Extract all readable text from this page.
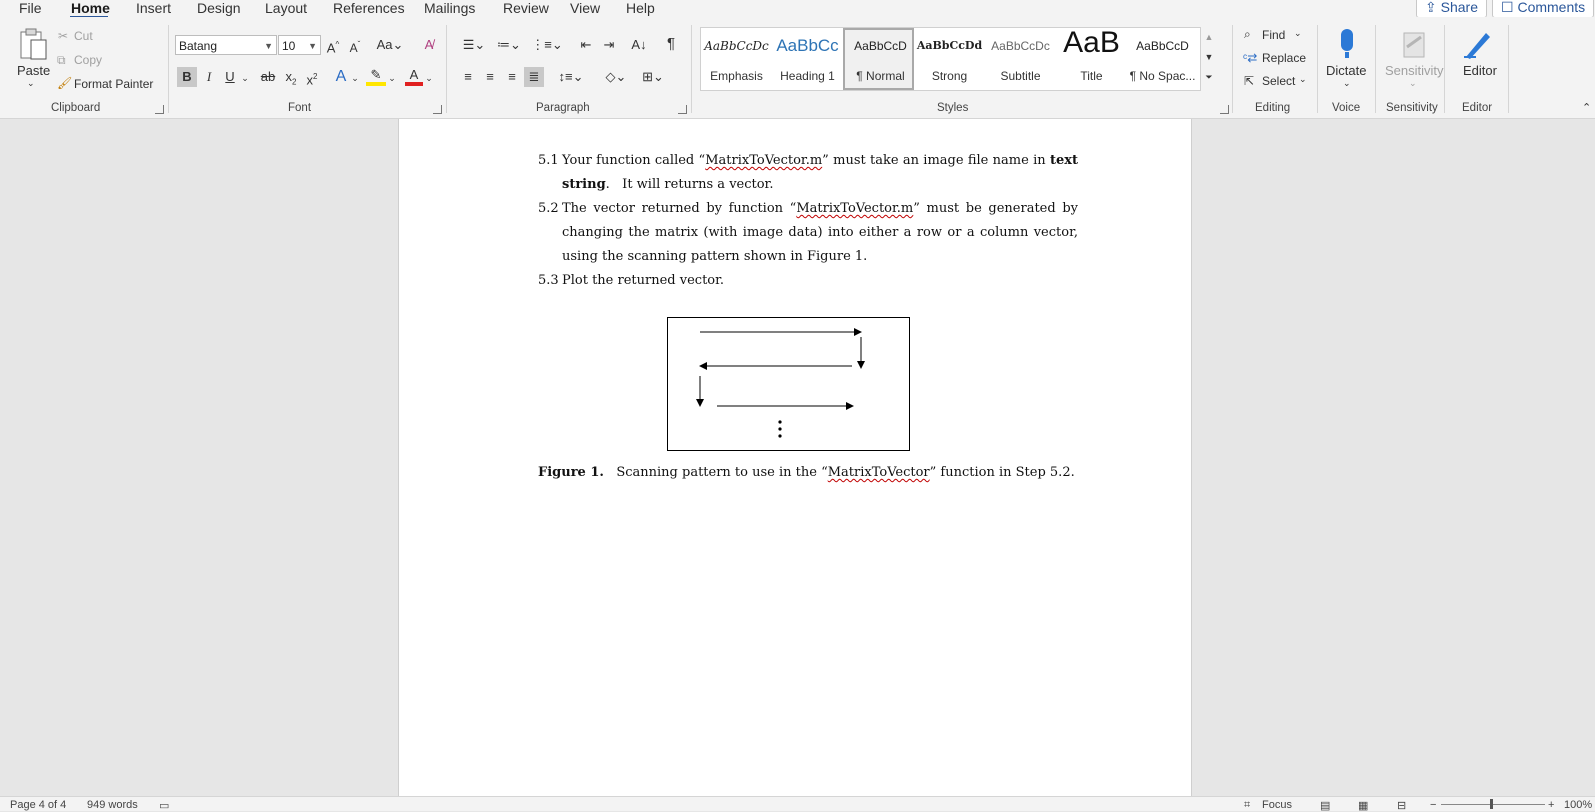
File Home Insert Design Layout References Mailings Review View Help	⇪ Share	☐ Comments
Paste
⌄
✂ Cut
⧉ Copy
🖌 Format Painter
Clipboard
Batang	▼ 10 ▼ A^ $A^ˇ$ Aa⌄	A̸
B	I	U ⌄ ab $x_2$ $x^2$ A ⌄ ✎ ⌄	A ⌄
Font
☰⌄ ≔⌄ ⋮≡⌄	⇤ ⇥	A↓	¶
≡	≡	≡ ≣	↕≡⌄ ◇⌄	⊞⌄
Paragraph
AaBbCcDc
Emphasis
AaBbCc
Heading 1
AaBbCcD
¶ Normal
AaBbCcDd
Strong
AaBbCcDc
Subtitle
AaB
Title
AaBbCcD
¶ No Spac...
▲
▼
⏷
Styles
⌕ Find ⌄
ᶜ⇄ Replace
⇱ Select ⌄
Editing
Dictate
⌄
Voice
Sensitivity
⌄
Sensitivity
Editor
Editor	⌃
5.1 Your function called “MatrixToVector.m” must take an image file name in text string.   It will returns a vector.
5.2 The vector returned by function “MatrixToVector.m” must be generated by changing the matrix (with image data) into either a row or a column vector, using the scanning pattern shown in Figure 1.
5.3 Plot the returned vector.
Figure 1.   Scanning pattern to use in the “MatrixToVector” function in Step 5.2.
Page 4 of 4 949 words ▭	⌗ Focus	▤	▦	⊟ −	+ 100%
